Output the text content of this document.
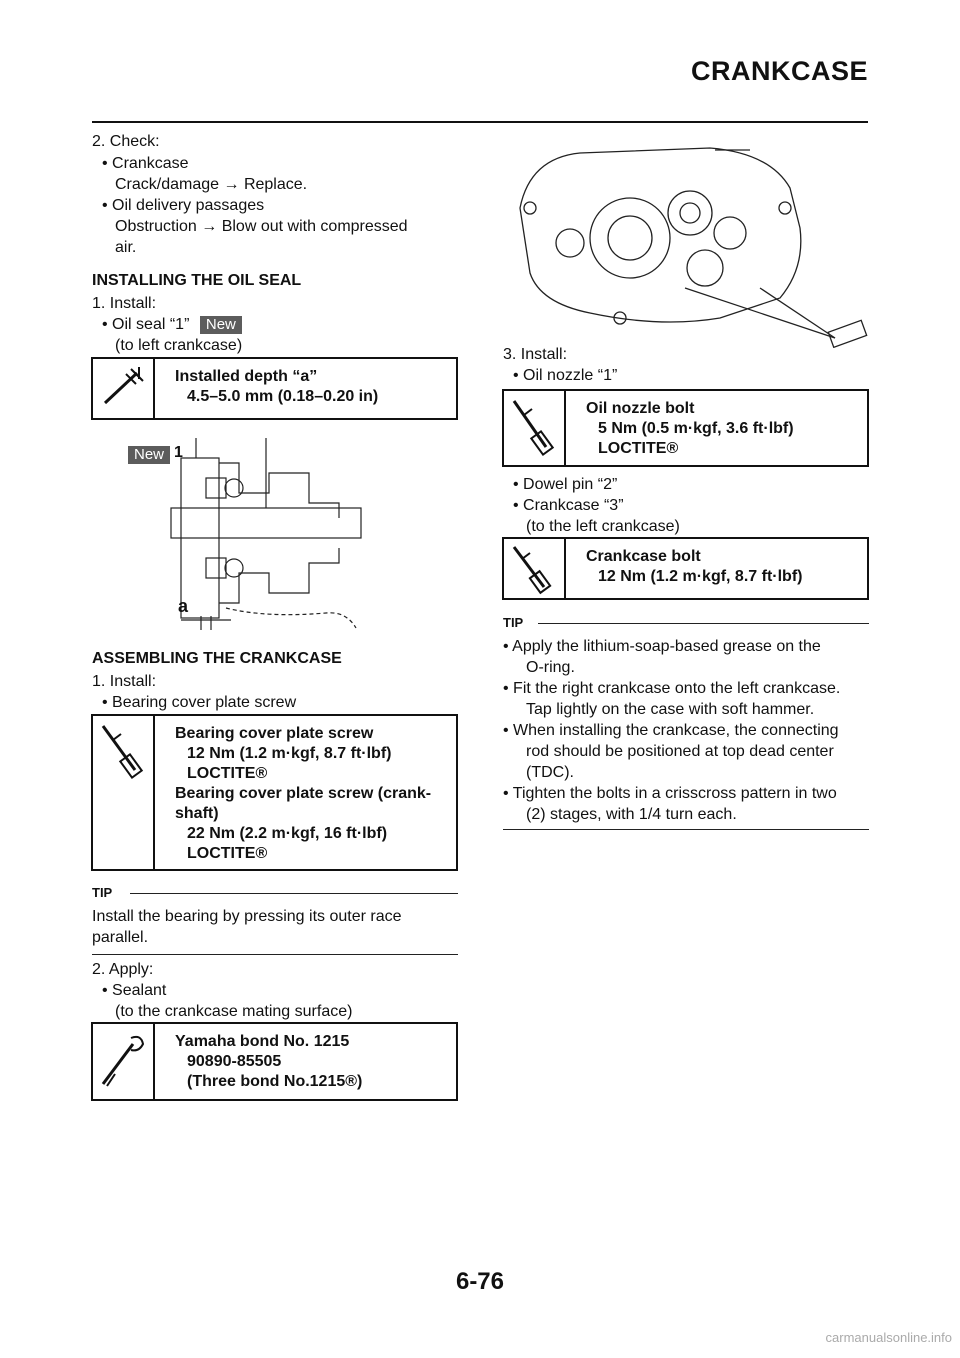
CRANKCASE
2. Check:
• Crankcase
Crack/damage → Replace.
• Oil delivery passages
Obstruction → Blow out with compressed
air.
INSTALLING THE OIL SEAL
1. Install:
• Oil seal “1” New
(to left crankcase)
Installed depth “a”
4.5–5.0 mm (0.18–0.20 in)
New 1
a
ASSEMBLING THE CRANKCASE
1. Install:
• Bearing cover plate screw
Bearing cover plate screw
12 Nm (1.2 m·kgf, 8.7 ft·lbf)
LOCTITE®
Bearing cover plate screw (crank-
shaft)
22 Nm (2.2 m·kgf, 16 ft·lbf)
LOCTITE®
TIP
Install the bearing by pressing its outer race
parallel.
2. Apply:
• Sealant
(to the crankcase mating surface)
Yamaha bond No. 1215
90890-85505
(Three bond No.1215®)
3. Install:
• Oil nozzle “1”
Oil nozzle bolt
5 Nm (0.5 m·kgf, 3.6 ft·lbf)
LOCTITE®
• Dowel pin “2”
• Crankcase “3”
(to the left crankcase)
Crankcase bolt
12 Nm (1.2 m·kgf, 8.7 ft·lbf)
TIP
• Apply the lithium-soap-based grease on the
O-ring.
• Fit the right crankcase onto the left crankcase.
Tap lightly on the case with soft hammer.
• When installing the crankcase, the connecting
rod should be positioned at top dead center
(TDC).
• Tighten the bolts in a crisscross pattern in two
(2) stages, with 1/4 turn each.
6-76
carmanualsonline.info
